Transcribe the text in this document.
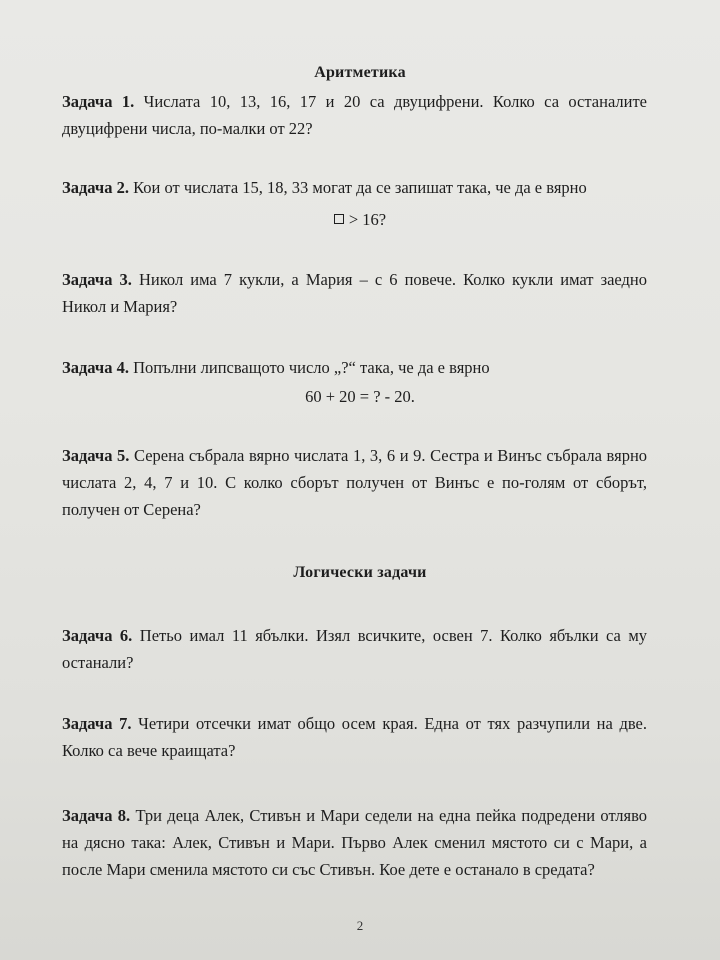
Аритметика
Задача 1. Числата 10, 13, 16, 17 и 20 са двуцифрени. Колко са останалите двуцифрени числа, по-малки от 22?
Задача 2. Кои от числата 15, 18, 33 могат да се запишат така, че да е вярно
> 16?
Задача 3. Никол има 7 кукли, а Мария – с 6 повече. Колко кукли имат заедно Никол и Мария?
Задача 4. Попълни липсващото число „?“ така, че да е вярно
60 + 20 = ? - 20.
Задача 5. Серена събрала вярно числата 1, 3, 6 и 9. Сестра и Винъс събрала вярно числата 2, 4, 7 и 10. С колко сборът получен от Винъс е по-голям от сборът, получен от Серена?
Логически задачи
Задача 6. Петьо имал 11 ябълки. Изял всичките, освен 7. Колко ябълки са му останали?
Задача 7. Четири отсечки имат общо осем края. Една от тях разчупили на две. Колко са вече краищата?
Задача 8. Три деца Алек, Стивън и Мари седели на една пейка подредени отляво на дясно така: Алек, Стивън и Мари. Първо Алек сменил мястото си с Мари, а после Мари сменила мястото си със Стивън. Кое дете е останало в средата?
2
